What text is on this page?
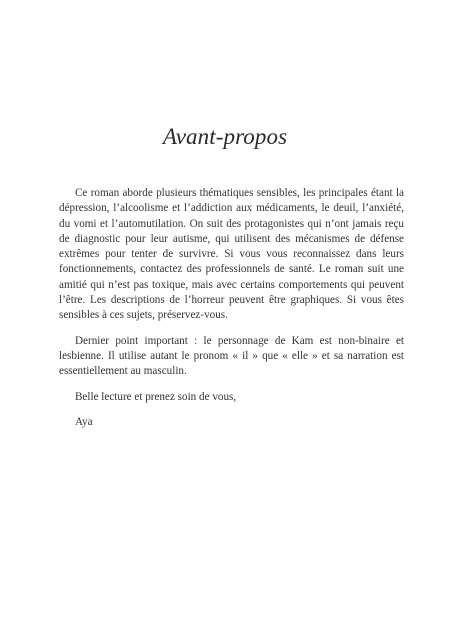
Avant-propos

Ce roman aborde plusieurs thématiques sensibles, les principales étant la dépression, l’alcoolisme et l’addiction aux médicaments, le deuil, l’anxiété, du vomi et l’automutilation. On suit des protagonistes qui n’ont jamais reçu de diagnostic pour leur autisme, qui utilisent des mécanismes de défense extrêmes pour tenter de survivre. Si vous vous reconnaissez dans leurs fonctionnements, contactez des professionnels de santé. Le roman suit une amitié qui n’est pas toxique, mais avec certains comportements qui peuvent l’être. Les descriptions de l’horreur peuvent être graphiques. Si vous êtes sensibles à ces sujets, préservez-vous.

Dernier point important : le personnage de Kam est non-binaire et lesbienne. Il utilise autant le pronom « il » que « elle » et sa narration est essentiellement au masculin.

Belle lecture et prenez soin de vous,

Aya
